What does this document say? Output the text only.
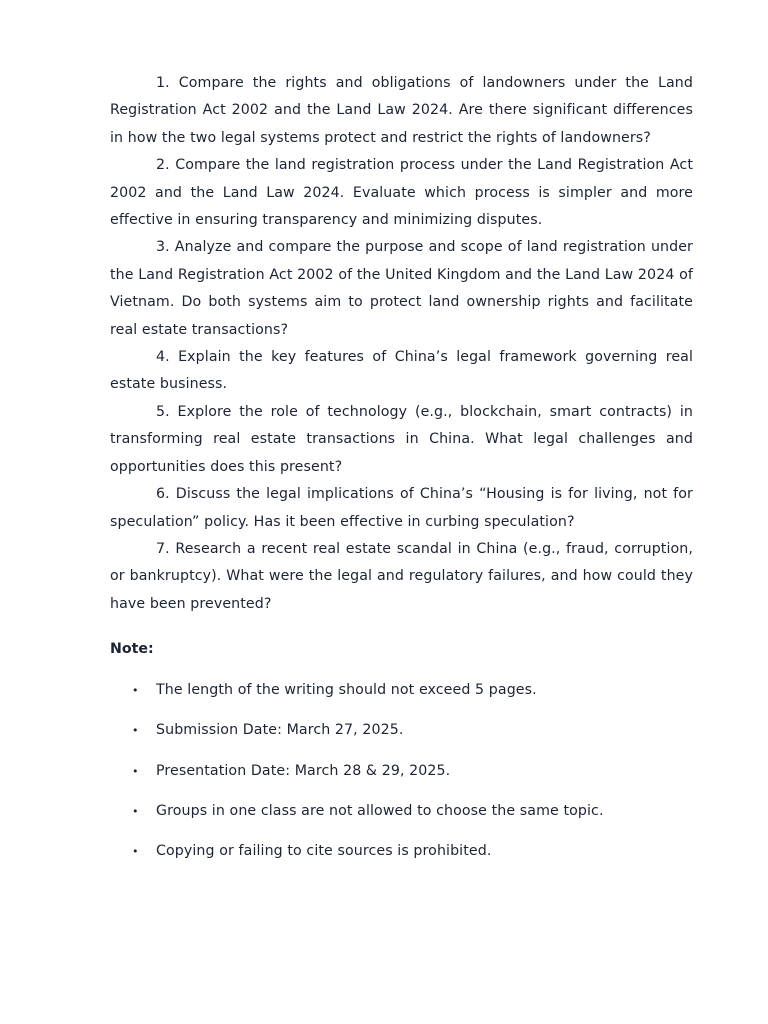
1. Compare the rights and obligations of landowners under the Land Registration Act 2002 and the Land Law 2024. Are there significant differences in how the two legal systems protect and restrict the rights of landowners?

2. Compare the land registration process under the Land Registration Act 2002 and the Land Law 2024. Evaluate which process is simpler and more effective in ensuring transparency and minimizing disputes.

3. Analyze and compare the purpose and scope of land registration under the Land Registration Act 2002 of the United Kingdom and the Land Law 2024 of Vietnam. Do both systems aim to protect land ownership rights and facilitate real estate transactions?

4. Explain the key features of China’s legal framework governing real estate business.

5. Explore the role of technology (e.g., blockchain, smart contracts) in transforming real estate transactions in China. What legal challenges and opportunities does this present?

6. Discuss the legal implications of China’s “Housing is for living, not for speculation” policy. Has it been effective in curbing speculation?

7. Research a recent real estate scandal in China (e.g., fraud, corruption, or bankruptcy). What were the legal and regulatory failures, and how could they have been prevented?

Note:
• The length of the writing should not exceed 5 pages.
• Submission Date: March 27, 2025.
• Presentation Date: March 28 & 29, 2025.
• Groups in one class are not allowed to choose the same topic.
• Copying or failing to cite sources is prohibited.
